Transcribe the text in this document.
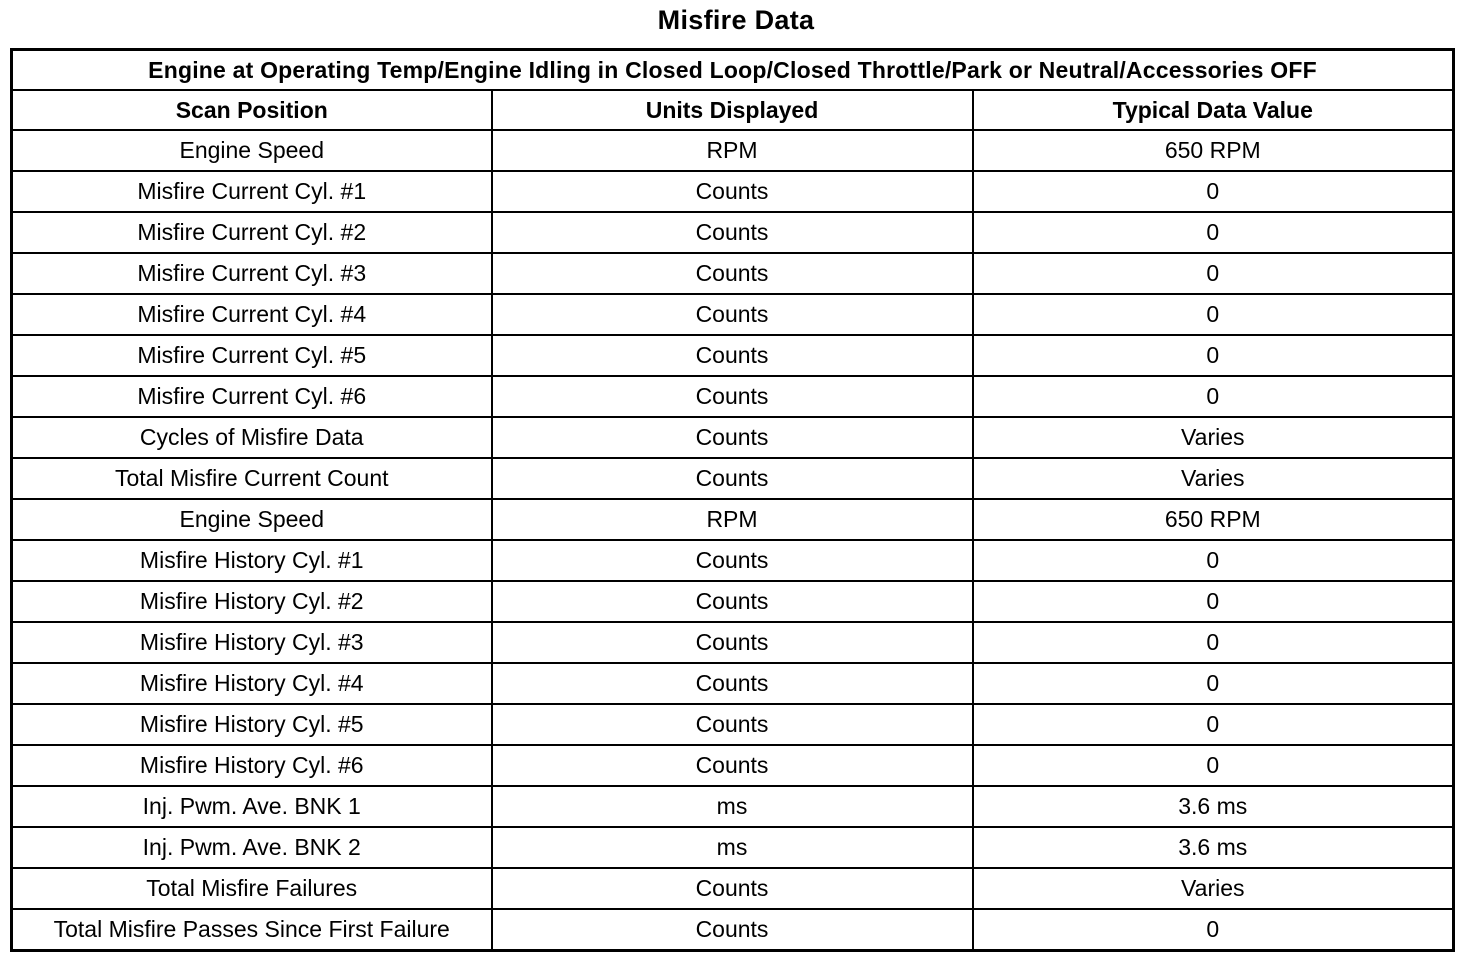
Misfire Data
Engine at Operating Temp/Engine Idling in Closed Loop/Closed Throttle/Park or Neutral/Accessories OFF		
Scan Position	Units Displayed	Typical Data Value
Engine Speed	RPM	650 RPM
Misfire Current Cyl. #1	Counts	0
Misfire Current Cyl. #2	Counts	0
Misfire Current Cyl. #3	Counts	0
Misfire Current Cyl. #4	Counts	0
Misfire Current Cyl. #5	Counts	0
Misfire Current Cyl. #6	Counts	0
Cycles of Misfire Data	Counts	Varies
Total Misfire Current Count	Counts	Varies
Engine Speed	RPM	650 RPM
Misfire History Cyl. #1	Counts	0
Misfire History Cyl. #2	Counts	0
Misfire History Cyl. #3	Counts	0
Misfire History Cyl. #4	Counts	0
Misfire History Cyl. #5	Counts	0
Misfire History Cyl. #6	Counts	0
Inj. Pwm. Ave. BNK 1	ms	3.6 ms
Inj. Pwm. Ave. BNK 2	ms	3.6 ms
Total Misfire Failures	Counts	Varies
Total Misfire Passes Since First Failure	Counts	0
